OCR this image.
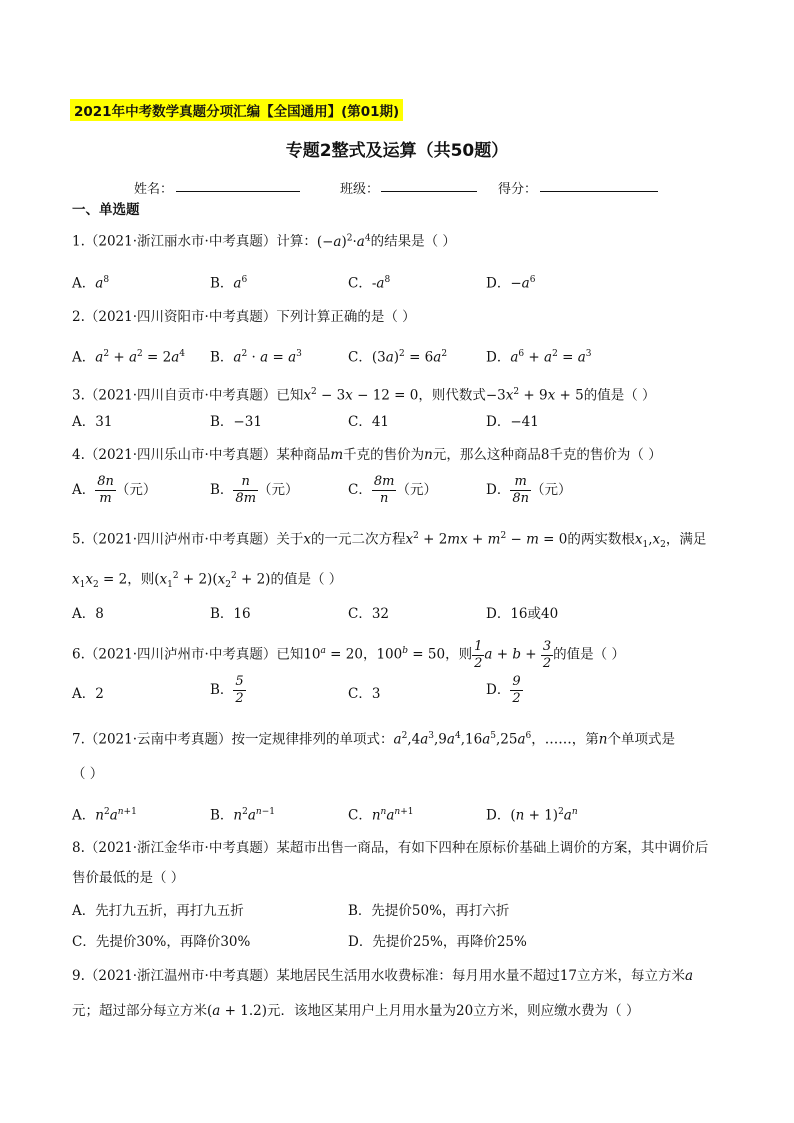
2021年中考数学真题分项汇编【全国通用】(第01期)
专题2整式及运算（共50题）
姓名：	班级：	得分：
一、单选题
1.（2021·浙江丽水市·中考真题）计算：$(-a)^2\cdot a^4$的结果是（ ）
A．$a^8$	B．$a^6$	C．$-a^8$	D．$-a^6$
2.（2021·四川资阳市·中考真题）下列计算正确的是（ ）
A．$a^2 + a^2 = 2a^4$ B．$a^2 \cdot a = a^3$	C．$(3a)^2 = 6a^2$	D．$a^6 + a^2 = a^3$
3.（2021·四川自贡市·中考真题）已知$x^2 - 3x - 12 = 0$，则代数式$-3x^2 + 9x + 5$的值是（ ）
A．31	B．−31	C．41	D．−41
4.（2021·四川乐山市·中考真题）某种商品m千克的售价为n元，那么这种商品8千克的售价为（ ）
A． $\frac{8n}{m}$ （元）	B． $\frac{n}{8m}$ （元）	C． $\frac{8m}{n}$ （元）	D． $\frac{m}{8n}$ （元）
5.（2021·四川泸州市·中考真题）关于x的一元二次方程$x^2 + 2mx + m^2 - m = 0$的两实数根$x_1,x_2$，满足
$x_1x_2 = 2$，则$(x_1^2 + 2)(x_2^2 + 2)$的值是（ ）
A．8	B．16	C．32	D．16或40
6.（2021·四川泸州市·中考真题）已知$10^a = 20$，$100^b = 50$，则 $\frac{1}{2}$ $a + b + \frac{3}{2}$ 的值是（ ）
A．2	B． $\frac{5}{2}$	C．3	D． $\frac{9}{2}$
7.（2021·云南中考真题）按一定规律排列的单项式：$a^2,4a^3,9a^4,16a^5,25a^6$，……，第n个单项式是
（ ）
A．$n^2a^{n+1}$	B．$n^2a^{n-1}$	C．$n^na^{n+1}$	D．$(n + 1)^2a^n$
8.（2021·浙江金华市·中考真题）某超市出售一商品，有如下四种在原标价基础上调价的方案，其中调价后
售价最低的是（ ）
A．先打九五折，再打九五折	B．先提价50%，再打六折
C．先提价30%，再降价30%	D．先提价25%，再降价25%
9.（2021·浙江温州市·中考真题）某地居民生活用水收费标准：每月用水量不超过17立方米，每立方米a
元；超过部分每立方米(a + 1.2)元．该地区某用户上月用水量为20立方米，则应缴水费为（ ）
